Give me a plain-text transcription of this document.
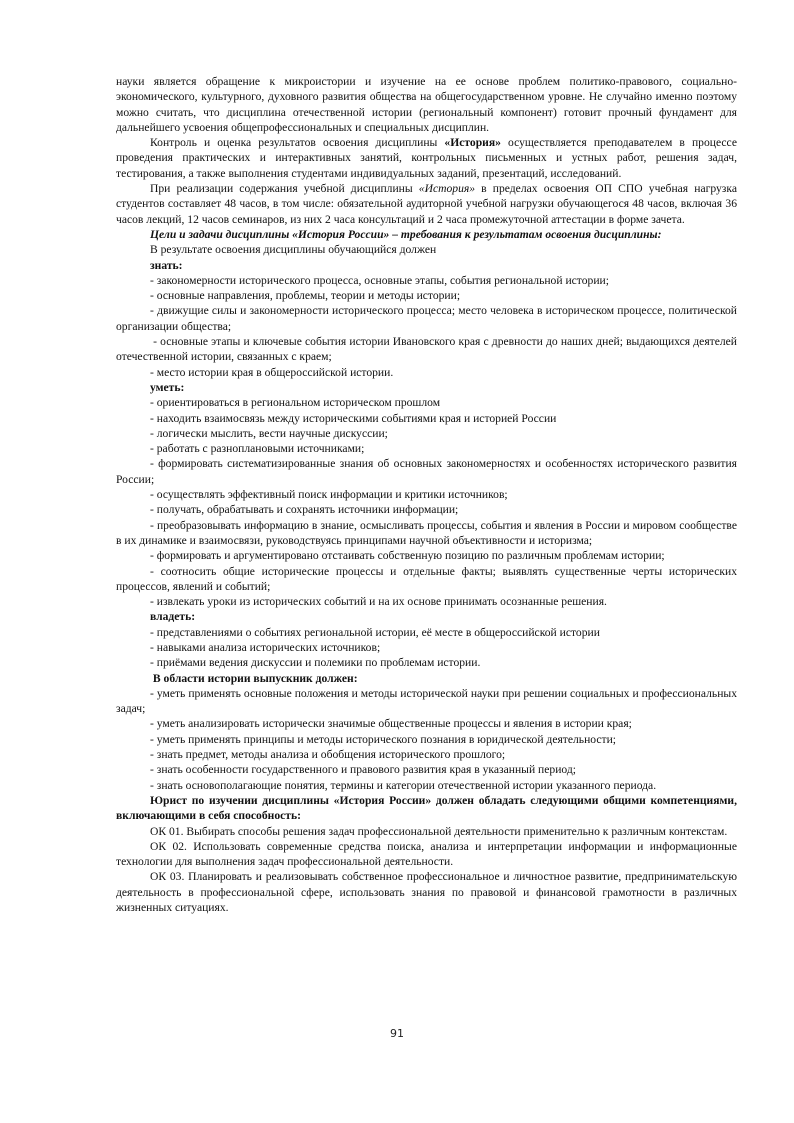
науки является обращение к микроистории и изучение на ее основе проблем политико-правового, социально-экономического, культурного, духовного развития общества на общегосударственном уровне. Не случайно именно поэтому можно считать, что дисциплина отечественной истории (региональный компонент) готовит прочный фундамент для дальнейшего усвоения общепрофессиональных и специальных дисциплин.

Контроль и оценка результатов освоения дисциплины «История» осуществляется преподавателем в процессе проведения практических и интерактивных занятий, контрольных письменных и устных работ, решения задач, тестирования, а также выполнения студентами индивидуальных заданий, презентаций, исследований.

При реализации содержания учебной дисциплины «История» в пределах освоения ОП СПО учебная нагрузка студентов составляет 48 часов, в том числе: обязательной аудиторной учебной нагрузки обучающегося 48 часов, включая 36 часов лекций, 12 часов семинаров, из них 2 часа консультаций и 2 часа промежуточной аттестации в форме зачета.

Цели и задачи дисциплины «История России» – требования к результатам освоения дисциплины:

В результате освоения дисциплины обучающийся должен

знать:

- закономерности исторического процесса, основные этапы, события региональной истории;

- основные направления, проблемы, теории и методы истории;

- движущие силы и закономерности исторического процесса; место человека в историческом процессе, политической организации общества;

- основные этапы и ключевые события истории Ивановского края с древности до наших дней; выдающихся деятелей отечественной истории, связанных с краем;

- место истории края в общероссийской истории.

уметь:

- ориентироваться в региональном историческом прошлом

- находить взаимосвязь между историческими событиями края и историей России

- логически мыслить, вести научные дискуссии;

- работать с разноплановыми источниками;

- формировать систематизированные знания об основных закономерностях и особенностях исторического развития России;

- осуществлять эффективный поиск информации и критики источников;

- получать, обрабатывать и сохранять источники информации;

- преобразовывать информацию в знание, осмысливать процессы, события и явления в России и мировом сообществе в их динамике и взаимосвязи, руководствуясь принципами научной объективности и историзма;

- формировать и аргументировано отстаивать собственную позицию по различным проблемам истории;

- соотносить общие исторические процессы и отдельные факты; выявлять существенные черты исторических процессов, явлений и событий;

- извлекать уроки из исторических событий и на их основе принимать осознанные решения.

владеть:

- представлениями о событиях региональной истории, её месте в общероссийской истории

- навыками анализа исторических источников;

- приёмами ведения дискуссии и полемики по проблемам истории.

В области истории выпускник должен:

- уметь применять основные положения и методы исторической науки при решении социальных и профессиональных задач;

- уметь анализировать исторически значимые общественные процессы и явления в истории края;

- уметь применять принципы и методы исторического познания в юридической деятельности;

- знать предмет, методы анализа и обобщения исторического прошлого;

- знать особенности государственного и правового развития края в указанный период;

- знать основополагающие понятия, термины и категории отечественной истории указанного периода.

Юрист по изучении дисциплины «История России» должен обладать следующими общими компетенциями, включающими в себя способность:

ОК 01. Выбирать способы решения задач профессиональной деятельности применительно к различным контекстам.

ОК 02. Использовать современные средства поиска, анализа и интерпретации информации и информационные технологии для выполнения задач профессиональной деятельности.

ОК 03. Планировать и реализовывать собственное профессиональное и личностное развитие, предпринимательскую деятельность в профессиональной сфере, использовать знания по правовой и финансовой грамотности в различных жизненных ситуациях.

91
